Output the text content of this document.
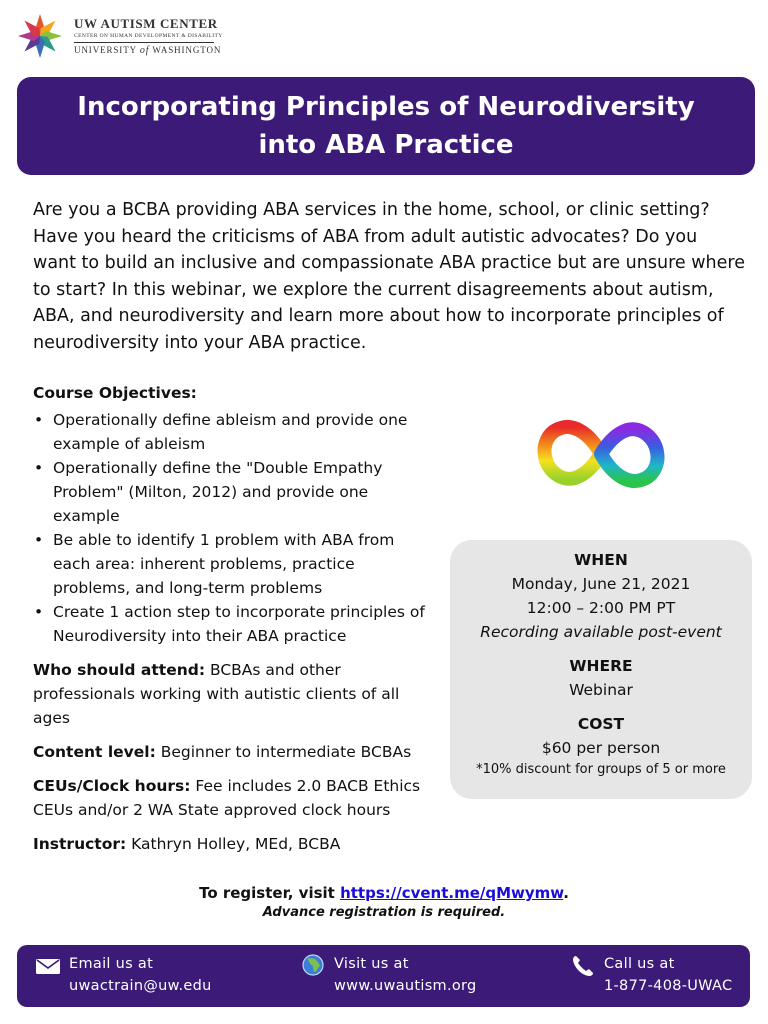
UW AUTISM CENTER
CENTER ON HUMAN DEVELOPMENT & DISABILITY
UNIVERSITY of WASHINGTON
Incorporating Principles of Neurodiversity into ABA Practice

Are you a BCBA providing ABA services in the home, school, or clinic setting? Have you heard the criticisms of ABA from adult autistic advocates? Do you want to build an inclusive and compassionate ABA practice but are unsure where to start? In this webinar, we explore the current disagreements about autism, ABA, and neurodiversity and learn more about how to incorporate principles of neurodiversity into your ABA practice.

Course Objectives:
• Operationally define ableism and provide one example of ableism
• Operationally define the "Double Empathy Problem" (Milton, 2012) and provide one example
• Be able to identify 1 problem with ABA from each area: inherent problems, practice problems, and long-term problems
• Create 1 action step to incorporate principles of Neurodiversity into their ABA practice

Who should attend: BCBAs and other professionals working with autistic clients of all ages

Content level: Beginner to intermediate BCBAs

CEUs/Clock hours: Fee includes 2.0 BACB Ethics CEUs and/or 2 WA State approved clock hours

Instructor: Kathryn Holley, MEd, BCBA

WHEN
Monday, June 21, 2021
12:00 – 2:00 PM PT
Recording available post-event
WHERE
Webinar
COST
$60 per person
*10% discount for groups of 5 or more
To register, visit https://cvent.me/qMwymw.
Advance registration is required.
Email us at
uwactrain@uw.edu
Visit us at
www.uwautism.org
Call us at
1-877-408-UWAC
